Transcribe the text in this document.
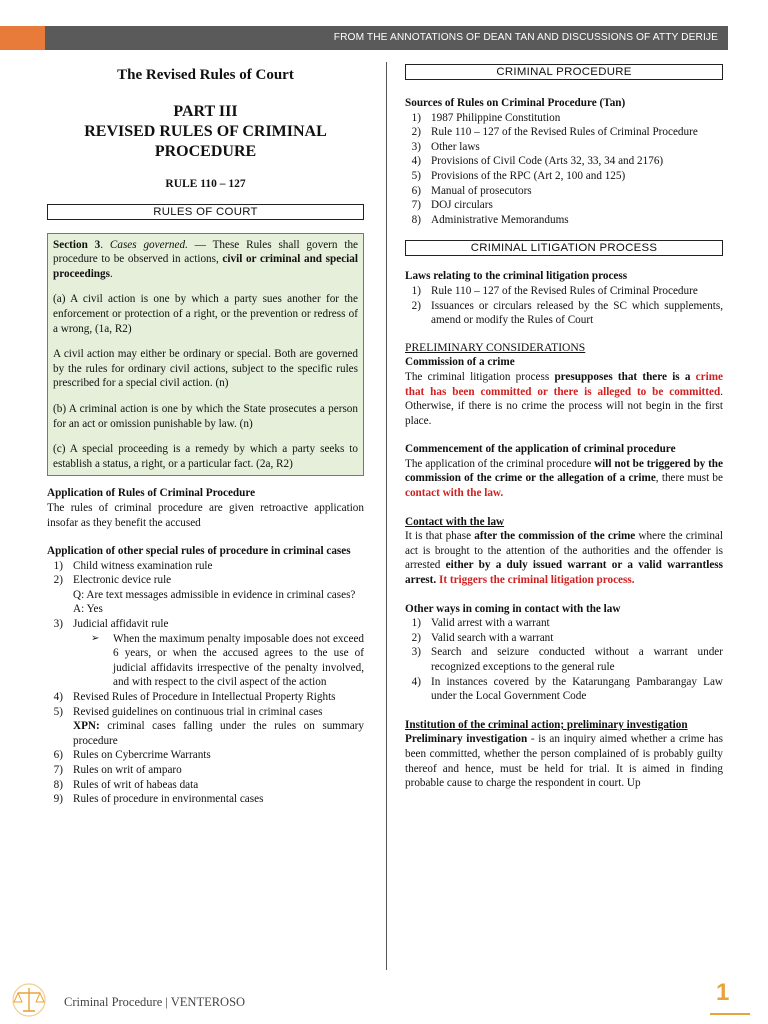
FROM THE ANNOTATIONS OF DEAN TAN AND DISCUSSIONS OF ATTY DERIJE
The Revised Rules of Court
PART III
REVISED RULES OF CRIMINAL
PROCEDURE
RULE 110 – 127
RULES OF COURT

Section 3. Cases governed. — These Rules shall govern the procedure to be observed in actions, civil or criminal and special proceedings.

(a) A civil action is one by which a party sues another for the enforcement or protection of a right, or the prevention or redress of a wrong, (1a, R2)

A civil action may either be ordinary or special. Both are governed by the rules for ordinary civil actions, subject to the specific rules prescribed for a special civil action. (n)

(b) A criminal action is one by which the State prosecutes a person for an act or omission punishable by law. (n)

(c) A special proceeding is a remedy by which a party seeks to establish a status, a right, or a particular fact. (2a, R2)

Application of Rules of Criminal Procedure
The rules of criminal procedure are given retroactive application insofar as they benefit the accused
Application of other special rules of procedure in criminal cases
1) Child witness examination rule
2) Electronic device rule
Q: Are text messages admissible in evidence in criminal cases?
A: Yes
3) Judicial affidavit rule
➢	When the maximum penalty imposable does not exceed 6 years, or when the accused agrees to the use of judicial affidavits irrespective of the penalty involved, and with respect to the civil aspect of the action
4) Revised Rules of Procedure in Intellectual Property Rights
5) Revised guidelines on continuous trial in criminal cases
XPN: criminal cases falling under the rules on summary procedure
6) Rules on Cybercrime Warrants
7) Rules on writ of amparo
8) Rules of writ of habeas data
9) Rules of procedure in environmental cases
CRIMINAL PROCEDURE
Sources of Rules on Criminal Procedure (Tan)
1) 1987 Philippine Constitution
2) Rule 110 – 127 of the Revised Rules of Criminal Procedure
3) Other laws
4) Provisions of Civil Code (Arts 32, 33, 34 and 2176)
5) Provisions of the RPC (Art 2, 100 and 125)
6) Manual of prosecutors
7) DOJ circulars
8) Administrative Memorandums
CRIMINAL LITIGATION PROCESS
Laws relating to the criminal litigation process
1) Rule 110 – 127 of the Revised Rules of Criminal Procedure
2) Issuances or circulars released by the SC which supplements, amend or modify the Rules of Court
PRELIMINARY CONSIDERATIONS
Commission of a crime
The criminal litigation process presupposes that there is a crime that has been committed or there is alleged to be committed. Otherwise, if there is no crime the process will not begin in the first place.
Commencement of the application of criminal procedure
The application of the criminal procedure will not be triggered by the commission of the crime or the allegation of a crime, there must be contact with the law.
Contact with the law
It is that phase after the commission of the crime where the criminal act is brought to the attention of the authorities and the offender is arrested either by a duly issued warrant or a valid warrantless arrest. It triggers the criminal litigation process.
Other ways in coming in contact with the law
1) Valid arrest with a warrant
2) Valid search with a warrant
3) Search and seizure conducted without a warrant under recognized exceptions to the general rule
4) In instances covered by the Katarungang Pambarangay Law under the Local Government Code
Institution of the criminal action; preliminary investigation
Preliminary investigation - is an inquiry aimed whether a crime has been committed, whether the person complained of is probably guilty thereof and hence, must be held for trial. It is aimed in finding probable cause to charge the respondent in court. Up
Criminal Procedure | VENTEROSO	1
